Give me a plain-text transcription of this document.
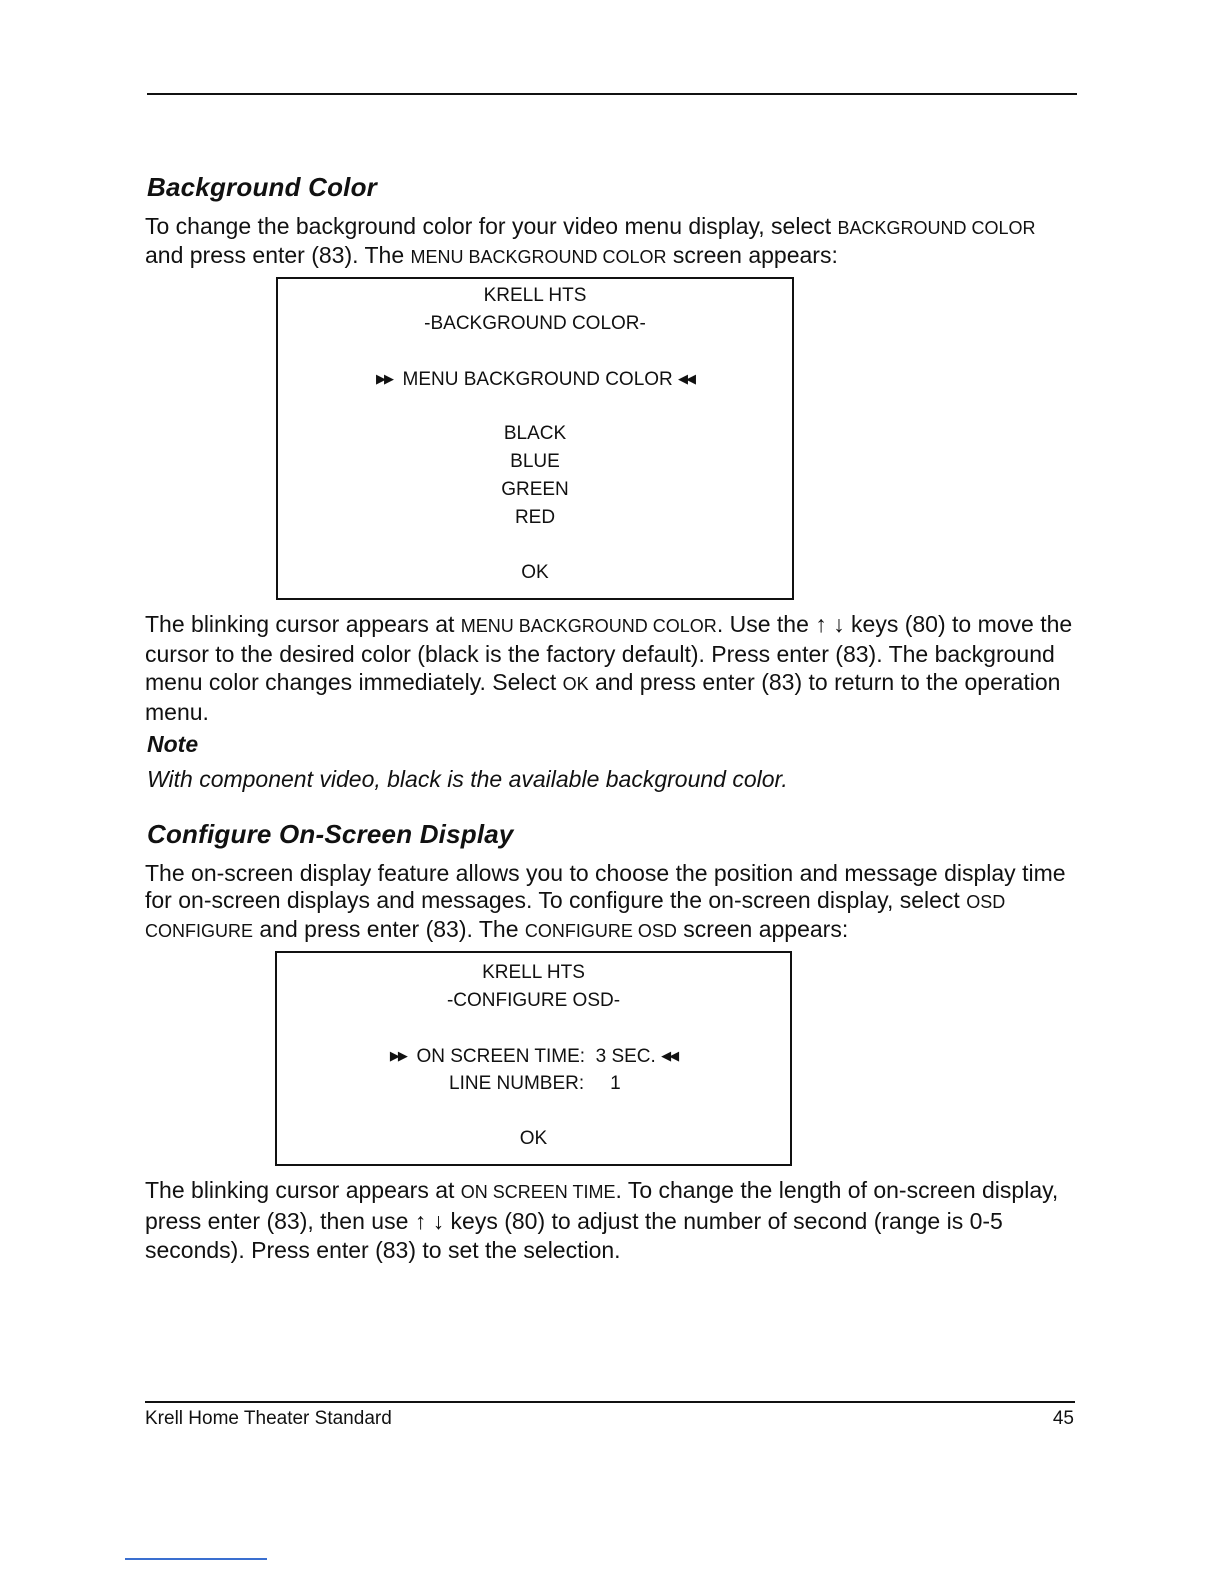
Background Color

To change the background color for your video menu display, select BACKGROUND COLOR and press enter (83). The MENU BACKGROUND COLOR screen appears:

KRELL HTS
-BACKGROUND COLOR-
▶▶ MENU BACKGROUND COLOR ◀◀
BLACK
BLUE
GREEN
RED
OK

The blinking cursor appears at MENU BACKGROUND COLOR. Use the ↑ ↓ keys (80) to move the cursor to the desired color (black is the factory default). Press enter (83). The background menu color changes immediately. Select OK and press enter (83) to return to the operation menu.

Note

With component video, black is the available background color.

Configure On-Screen Display

The on-screen display feature allows you to choose the position and message display time for on-screen displays and messages. To configure the on-screen display, select OSD CONFIGURE and press enter (83). The CONFIGURE OSD screen appears:

KRELL HTS
-CONFIGURE OSD-
▶▶ ON SCREEN TIME:  3 SEC. ◀◀
LINE NUMBER: 1
OK

The blinking cursor appears at ON SCREEN TIME. To change the length of on-screen display, press enter (83), then use ↑ ↓ keys (80) to adjust the number of second (range is 0-5 seconds). Press enter (83) to set the selection.

Krell Home Theater Standard	45
